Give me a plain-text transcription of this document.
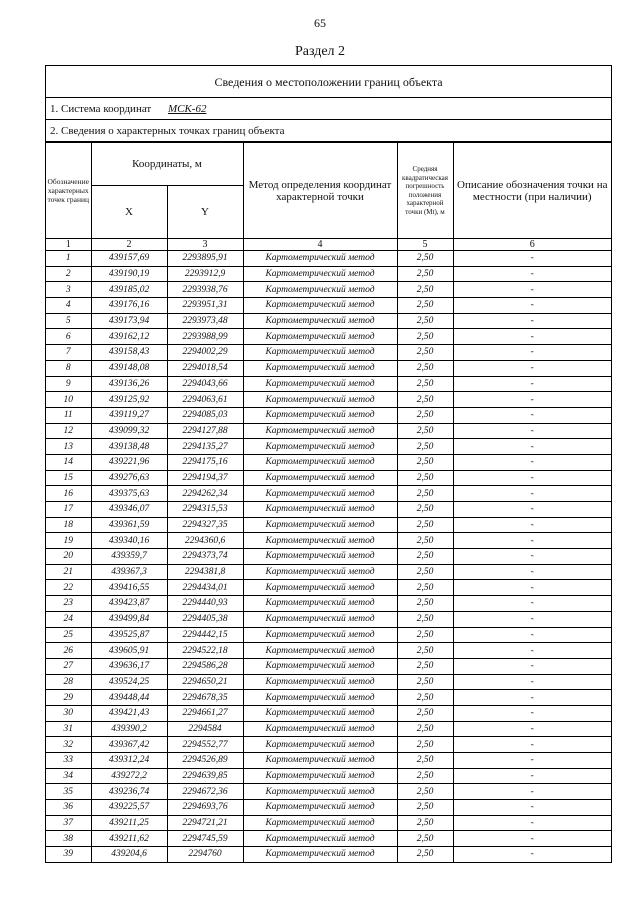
65
Раздел 2
Сведения о местоположении границ объекта
1. Система координат МСК-62
2. Сведения о характерных точках границ объекта
Обозначение характерных точек границ	Координаты, м		Метод определения координат характерной точки	Средняя квадратическая погрешность положения характерной точки (Mt), м	Описание обозначения точки на местности (при наличии)
	X	Y			
1	2	3	4	5	6
1	439157,69	2293895,91	Картометрический метод	2,50	-
2	439190,19	2293912,9	Картометрический метод	2,50	-
3	439185,02	2293938,76	Картометрический метод	2,50	-
4	439176,16	2293951,31	Картометрический метод	2,50	-
5	439173,94	2293973,48	Картометрический метод	2,50	-
6	439162,12	2293988,99	Картометрический метод	2,50	-
7	439158,43	2294002,29	Картометрический метод	2,50	-
8	439148,08	2294018,54	Картометрический метод	2,50	-
9	439136,26	2294043,66	Картометрический метод	2,50	-
10	439125,92	2294063,61	Картометрический метод	2,50	-
11	439119,27	2294085,03	Картометрический метод	2,50	-
12	439099,32	2294127,88	Картометрический метод	2,50	-
13	439138,48	2294135,27	Картометрический метод	2,50	-
14	439221,96	2294175,16	Картометрический метод	2,50	-
15	439276,63	2294194,37	Картометрический метод	2,50	-
16	439375,63	2294262,34	Картометрический метод	2,50	-
17	439346,07	2294315,53	Картометрический метод	2,50	-
18	439361,59	2294327,35	Картометрический метод	2,50	-
19	439340,16	2294360,6	Картометрический метод	2,50	-
20	439359,7	2294373,74	Картометрический метод	2,50	-
21	439367,3	2294381,8	Картометрический метод	2,50	-
22	439416,55	2294434,01	Картометрический метод	2,50	-
23	439423,87	2294440,93	Картометрический метод	2,50	-
24	439499,84	2294405,38	Картометрический метод	2,50	-
25	439525,87	2294442,15	Картометрический метод	2,50	-
26	439605,91	2294522,18	Картометрический метод	2,50	-
27	439636,17	2294586,28	Картометрический метод	2,50	-
28	439524,25	2294650,21	Картометрический метод	2,50	-
29	439448,44	2294678,35	Картометрический метод	2,50	-
30	439421,43	2294661,27	Картометрический метод	2,50	-
31	439390,2	2294584	Картометрический метод	2,50	-
32	439367,42	2294552,77	Картометрический метод	2,50	-
33	439312,24	2294526,89	Картометрический метод	2,50	-
34	439272,2	2294639,85	Картометрический метод	2,50	-
35	439236,74	2294672,36	Картометрический метод	2,50	-
36	439225,57	2294693,76	Картометрический метод	2,50	-
37	439211,25	2294721,21	Картометрический метод	2,50	-
38	439211,62	2294745,59	Картометрический метод	2,50	-
39	439204,6	2294760	Картометрический метод	2,50	-
